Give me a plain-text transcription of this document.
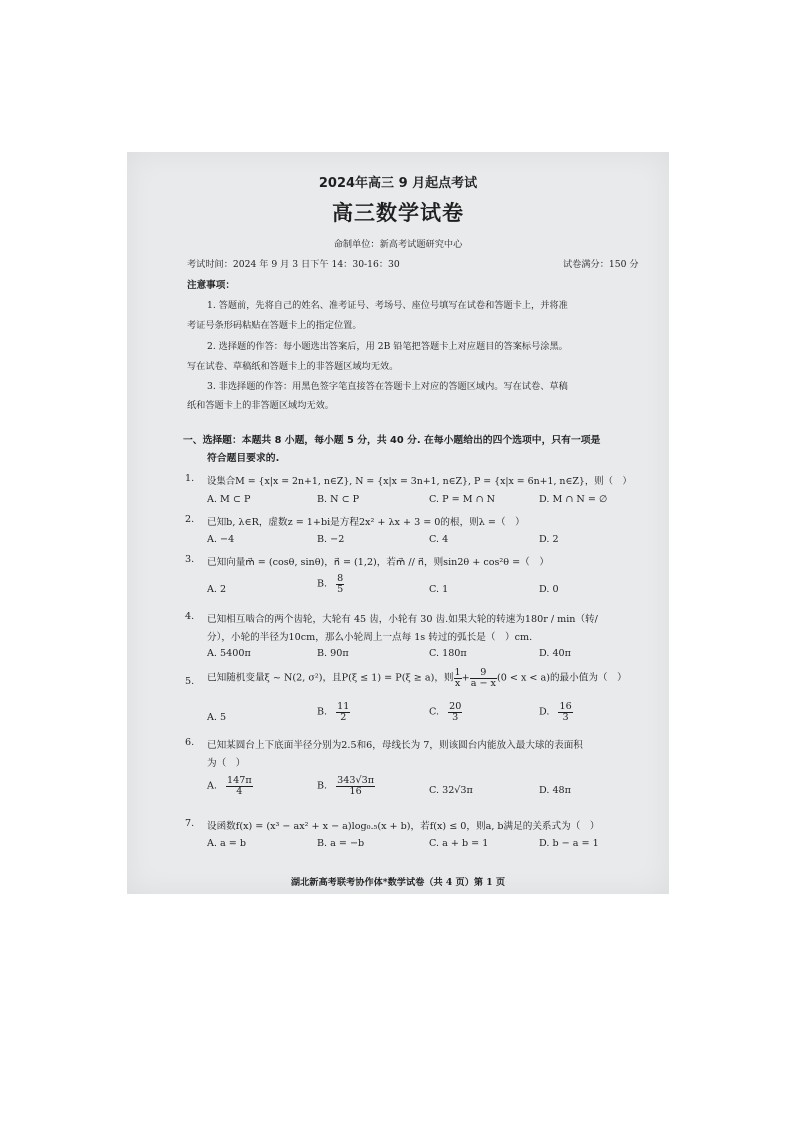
2024年高三 9 月起点考试
高三数学试卷
命制单位：新高考试题研究中心
考试时间：2024 年 9 月 3 日下午 14：30-16：30	试卷满分：150 分
注意事项：
1. 答题前，先将自己的姓名、准考证号、考场号、座位号填写在试卷和答题卡上，并将准
考证号条形码粘贴在答题卡上的指定位置。
2. 选择题的作答：每小题选出答案后，用 2B 铅笔把答题卡上对应题目的答案标号涂黑。
写在试卷、草稿纸和答题卡上的非答题区域均无效。
3. 非选择题的作答：用黑色签字笔直接答在答题卡上对应的答题区域内。写在试卷、草稿
纸和答题卡上的非答题区域均无效。
一、选择题：本题共 8 小题，每小题 5 分，共 40 分. 在每小题给出的四个选项中，只有一项是
符合题目要求的.
1. 设集合M = {x|x = 2n+1, n∈Z}, N = {x|x = 3n+1, n∈Z}, P = {x|x = 6n+1, n∈Z}，则（　）
A. M ⊂ P	B. N ⊂ P	C. P = M ∩ N	D. M ∩ N = ∅
2. 已知b, λ∈R，虚数z = 1+bi是方程2x² + λx + 3 = 0的根，则λ =（　）
A. −4	B. −2	C. 4	D. 2
3. 已知向量m⃗ = (cosθ, sinθ)，n⃗ = (1,2)，若m⃗ // n⃗，则sin2θ + cos²θ =（　）
A. 2	B. $\frac{8}{5}$	C. 1	D. 0
4. 已知相互啮合的两个齿轮，大轮有 45 齿，小轮有 30 齿.如果大轮的转速为180r / min（转/
分），小轮的半径为10cm，那么小轮周上一点每 1s 转过的弧长是（　）cm.
A. 5400π	B. 90π	C. 180π	D. 40π
5. 已知随机变量ξ ~ N(2, σ²)，且P(ξ ≤ 1) = P(ξ ≥ a)，则 $\frac{1}{x} + \frac{9}{a - x} (0 < x < a)$的最小值为（　）
A. 5	B. $\frac{11}{2}$	C. $\frac{20}{3}$	D. $\frac{16}{3}$
6. 已知某圆台上下底面半径分别为2.5和6，母线长为 7，则该圆台内能放入最大球的表面积
为（　）
A. $\frac{147\pi}{4}$	B. $\frac{343√3\pi}{16}$	C. 32√3π	D. 48π
7. 设函数f(x) = (x³ − ax² + x − a)log₀.₅(x + b)，若f(x) ≤ 0，则a, b满足的关系式为（　）
A. a = b	B. a = −b	C. a + b = 1	D. b − a = 1
湖北新高考联考协作体*数学试卷（共 4 页）第 1 页
